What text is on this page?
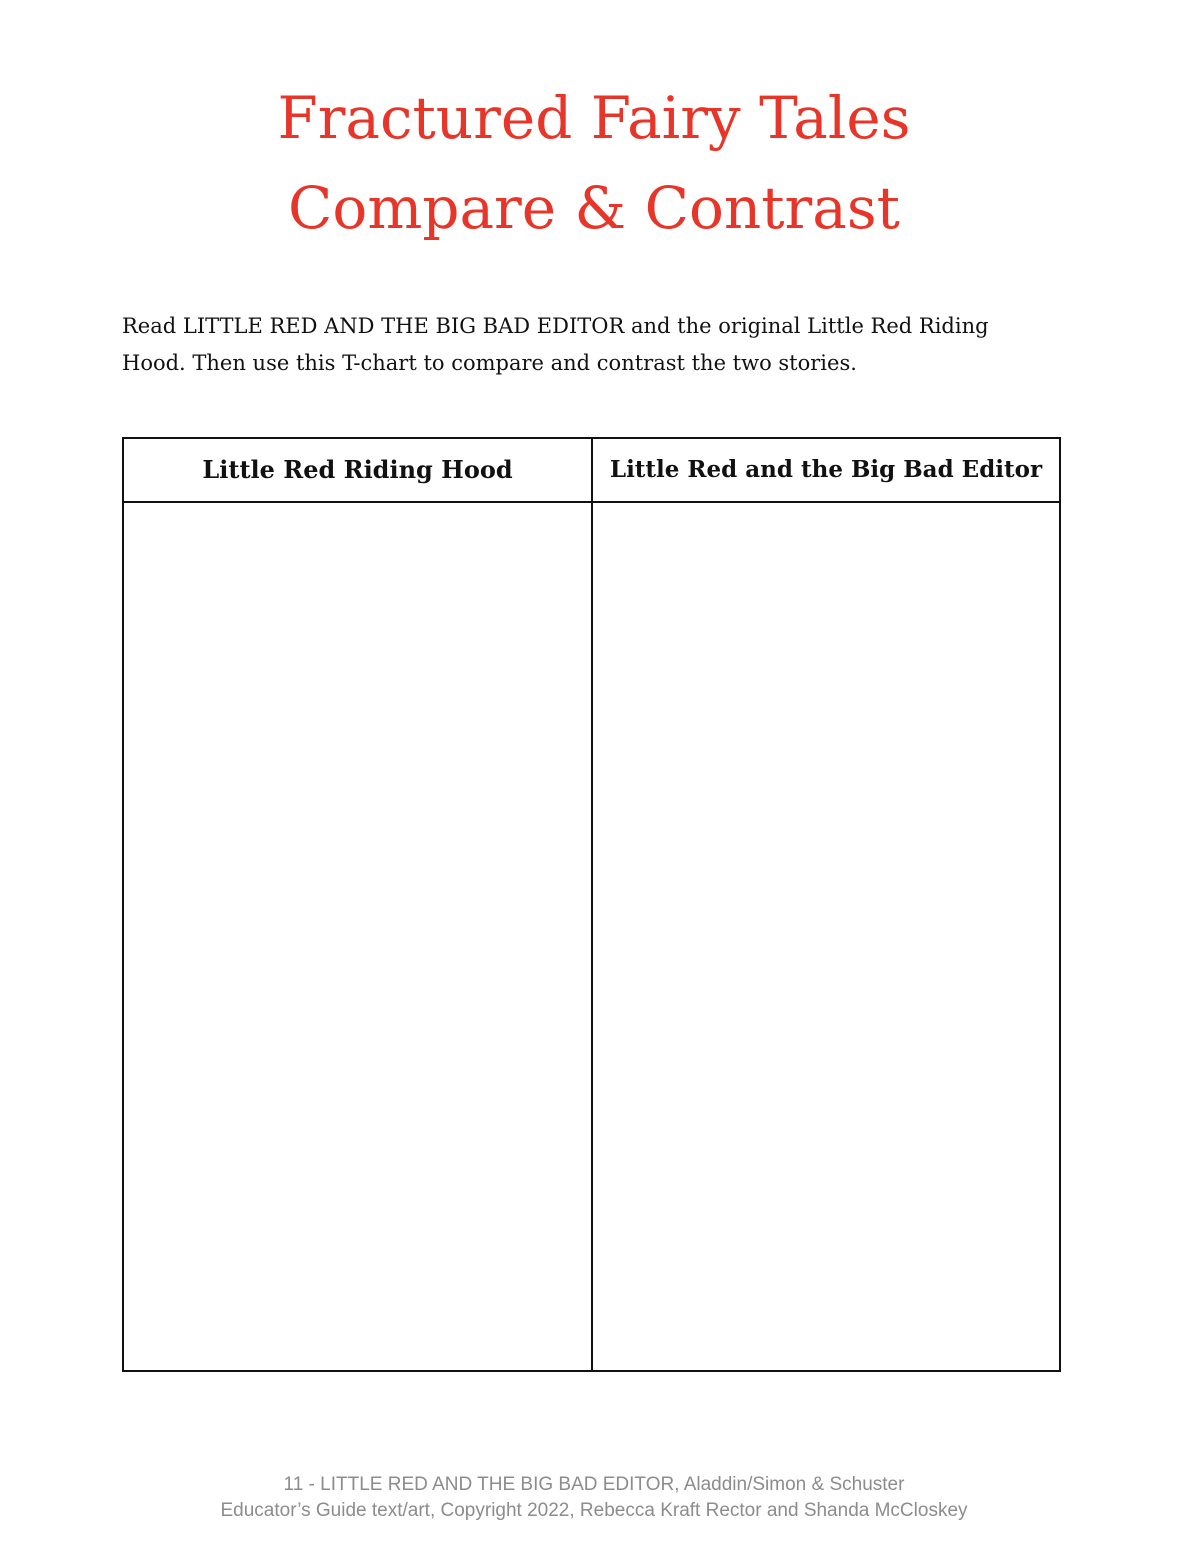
Fractured Fairy Tales
Compare & Contrast
Read LITTLE RED AND THE BIG BAD EDITOR and the original Little Red Riding Hood. Then use this T-chart to compare and contrast the two stories.
Little Red Riding Hood	Little Red and the Big Bad Editor
11 - LITTLE RED AND THE BIG BAD EDITOR, Aladdin/Simon & Schuster
Educator’s Guide text/art, Copyright 2022, Rebecca Kraft Rector and Shanda McCloskey
